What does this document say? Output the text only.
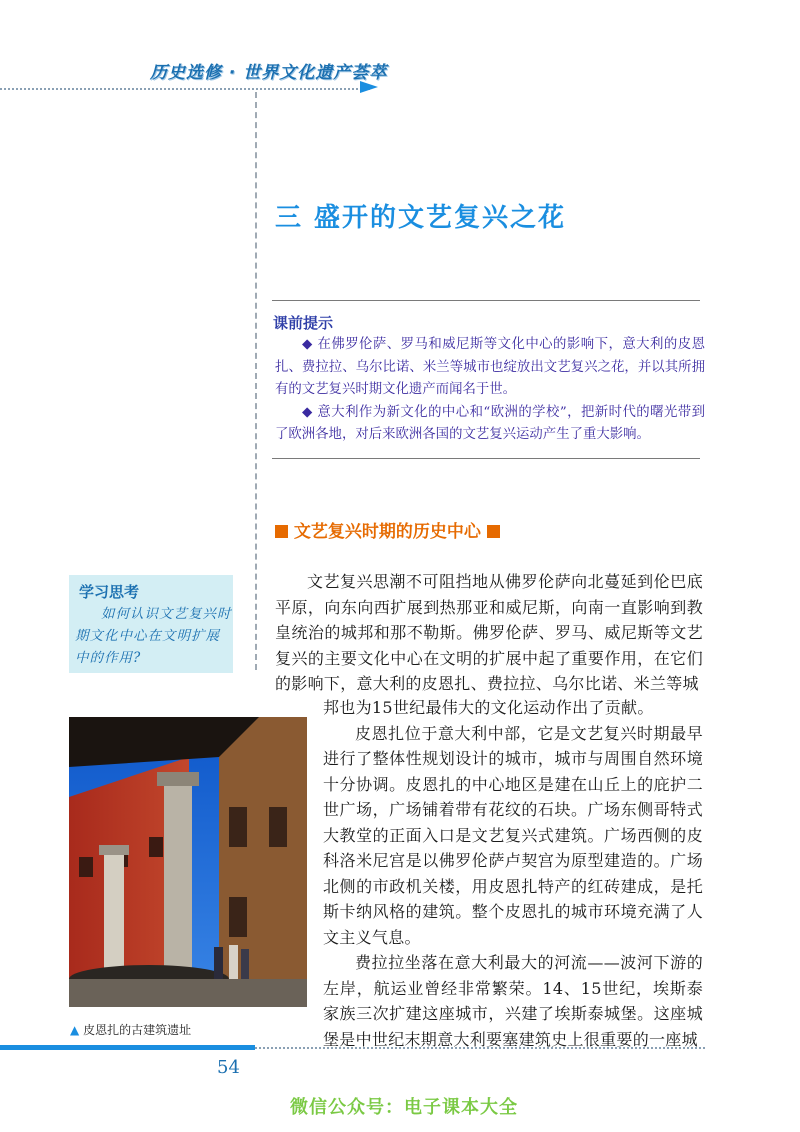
历史选修 · 世界文化遗产荟萃
三 盛开的文艺复兴之花
课前提示

◆ 在佛罗伦萨、罗马和威尼斯等文化中心的影响下，意大利的皮恩扎、费拉拉、乌尔比诺、米兰等城市也绽放出文艺复兴之花，并以其所拥有的文艺复兴时期文化遗产而闻名于世。

◆ 意大利作为新文化的中心和“欧洲的学校”，把新时代的曙光带到了欧洲各地，对后来欧洲各国的文艺复兴运动产生了重大影响。

文艺复兴时期的历史中心
学习思考

如何认识文艺复兴时期文化中心在文明扩展中的作用?

文艺复兴思潮不可阻挡地从佛罗伦萨向北蔓延到伦巴底平原，向东向西扩展到热那亚和威尼斯，向南一直影响到教皇统治的城邦和那不勒斯。佛罗伦萨、罗马、威尼斯等文艺复兴的主要文化中心在文明的扩展中起了重要作用，在它们的影响下，意大利的皮恩扎、费拉拉、乌尔比诺、米兰等城

邦也为15世纪最伟大的文化运动作出了贡献。

皮恩扎位于意大利中部，它是文艺复兴时期最早进行了整体性规划设计的城市，城市与周围自然环境十分协调。皮恩扎的中心地区是建在山丘上的庇护二世广场，广场铺着带有花纹的石块。广场东侧哥特式大教堂的正面入口是文艺复兴式建筑。广场西侧的皮科洛米尼宫是以佛罗伦萨卢契宫为原型建造的。广场北侧的市政机关楼，用皮恩扎特产的红砖建成，是托斯卡纳风格的建筑。整个皮恩扎的城市环境充满了人文主义气息。

费拉拉坐落在意大利最大的河流——波河下游的左岸，航运业曾经非常繁荣。14、15世纪，埃斯泰家族三次扩建这座城市，兴建了埃斯泰城堡。这座城堡是中世纪末期意大利要塞建筑史上很重要的一座城

▲ 皮恩扎的古建筑遗址
54
微信公众号：电子课本大全
